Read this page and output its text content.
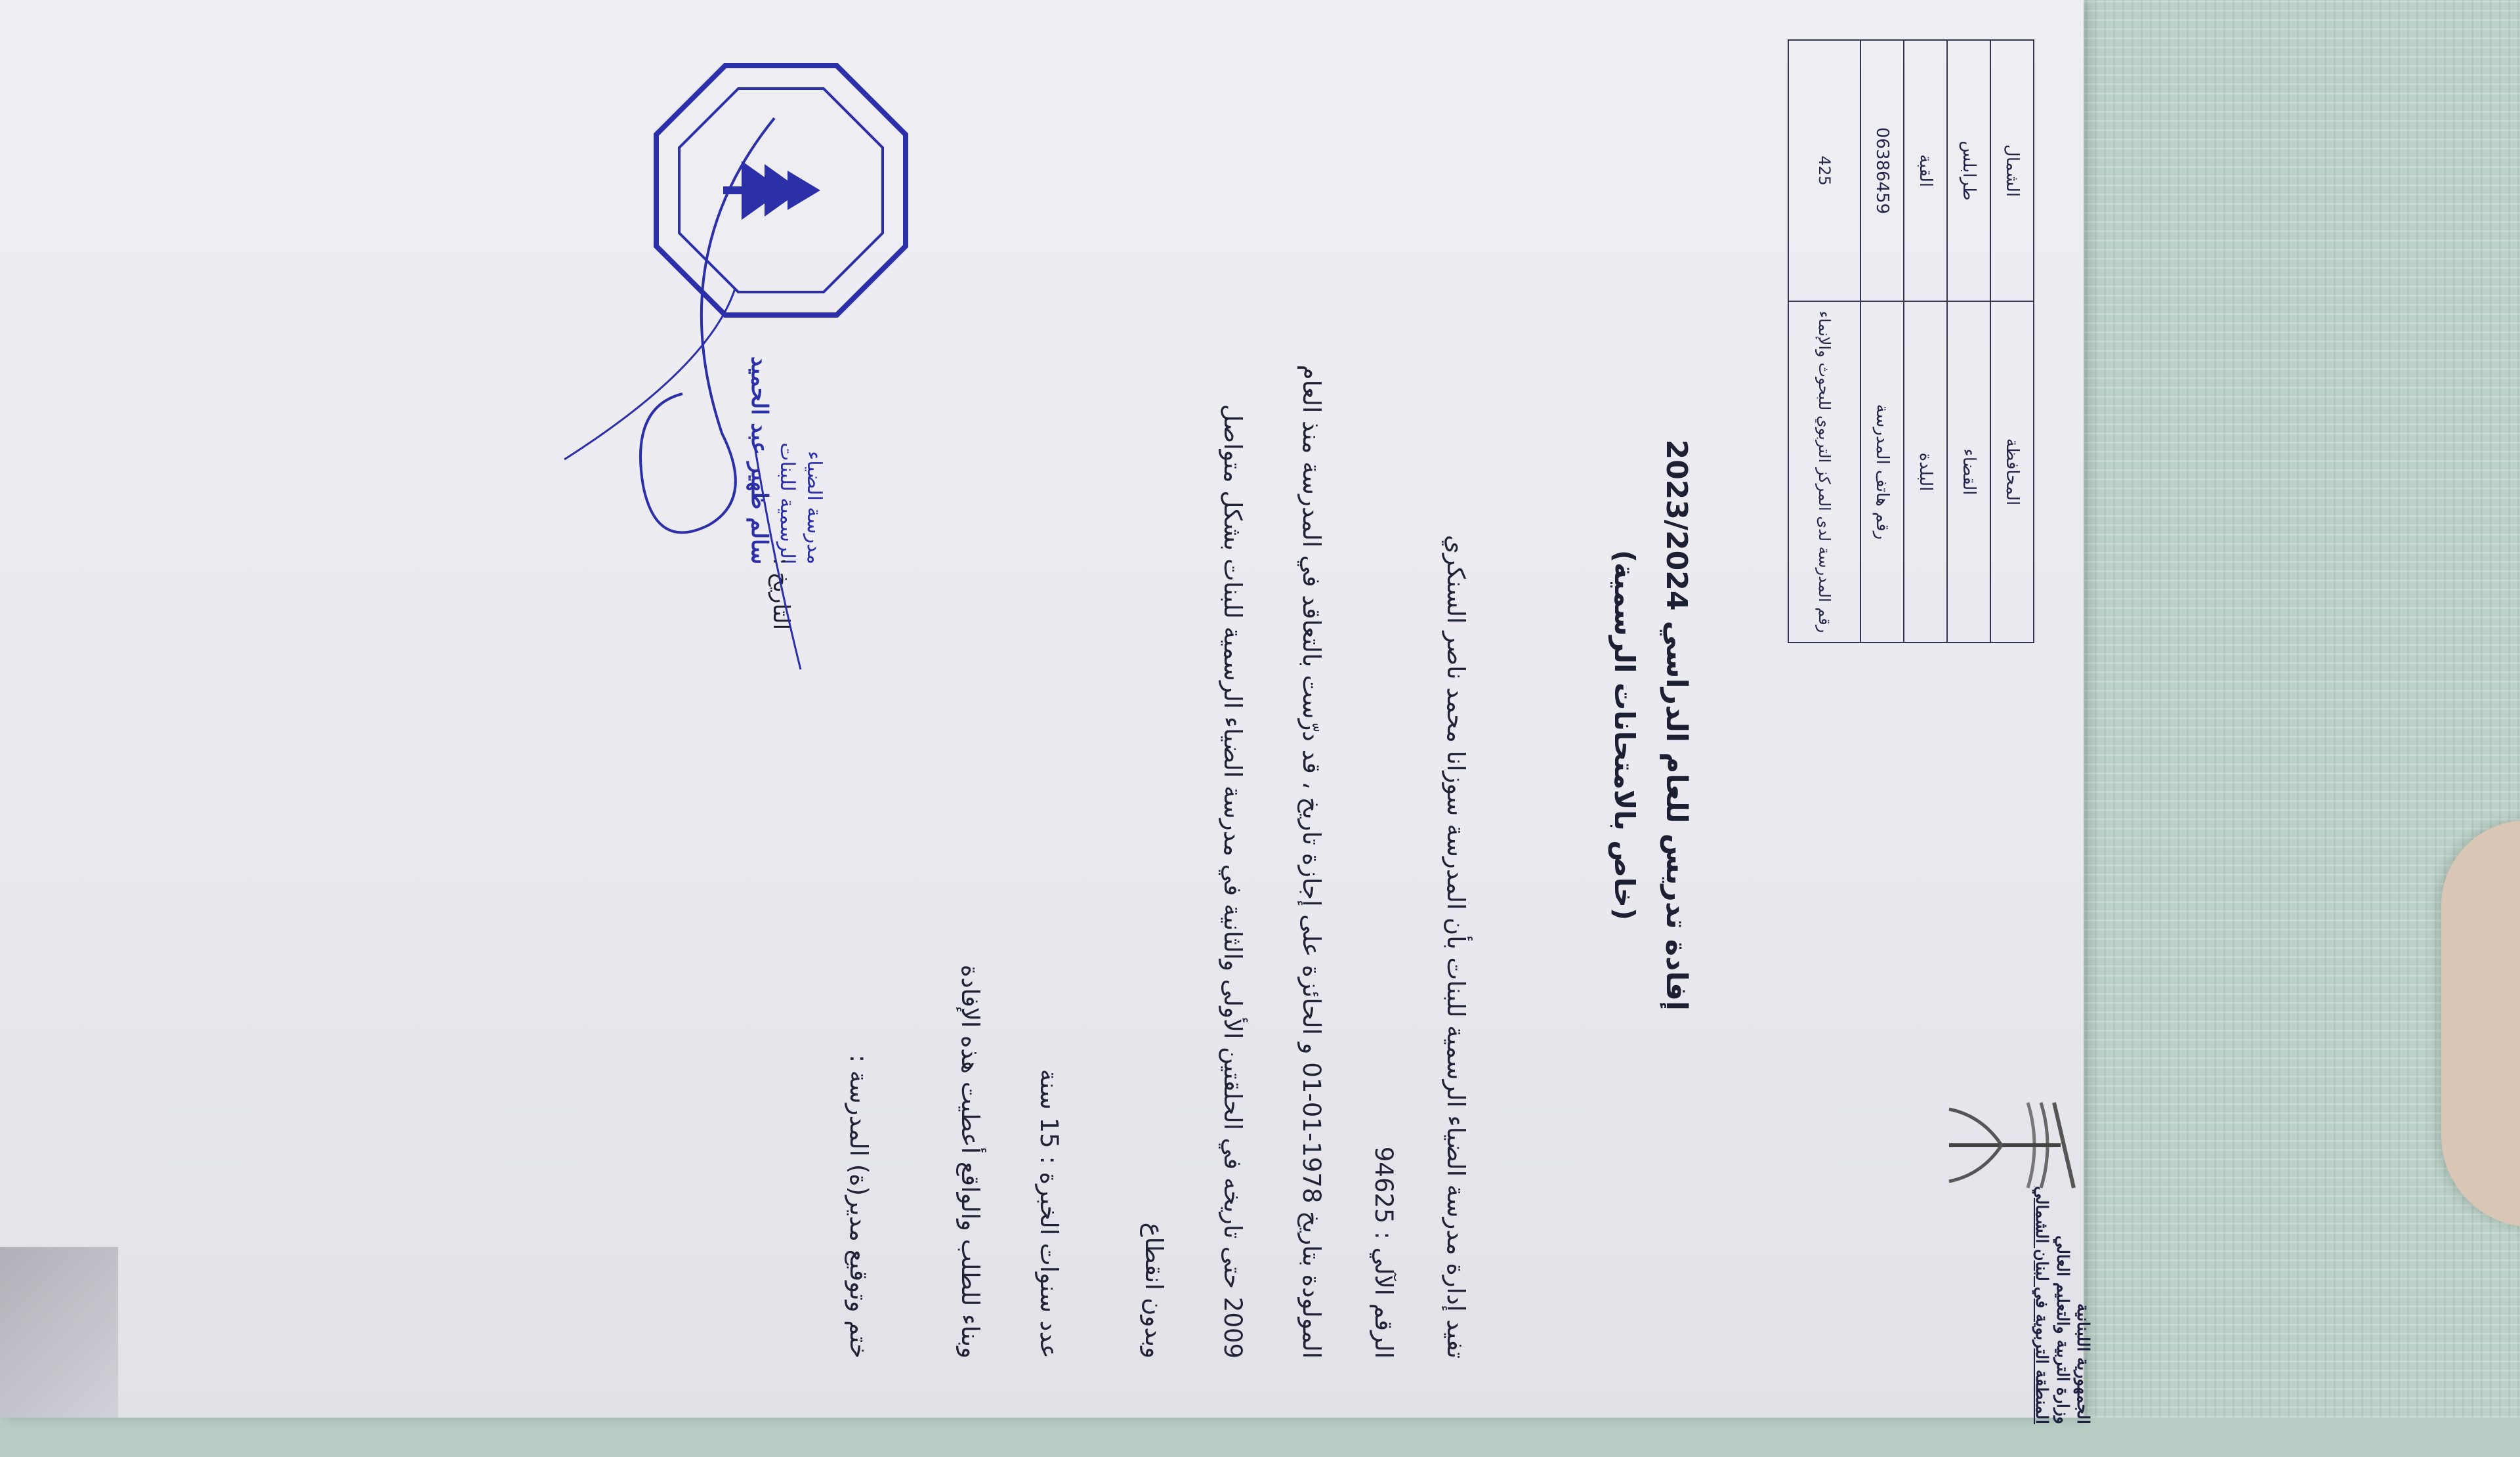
الجمهورية اللبنانية
وزارة التربية والتعليم العالي
المنطقة التربوية في لبنان الشمالي
المحافظة	الشمال
القضاء	طرابلس
البلدة	القبة
رقم هاتف المدرسة	06386459
رقم المدرسة لدى المركز التربوي للبحوث والإنماء	425
إفادة تدريس للعام الدراسي 2023/2024
(خاص بالامتحانات الرسمية)
تفيد إدارة مدرسة الضياء الرسمية للبنات بأن المدرسة سوزانا محمد ناصر السنكري
الرقم الآلي : 94625
المولودة بتاريخ 1978-01-01 و الحائزة على إجازة تاريخ ، قد درّست بالتعاقد في المدرسة منذ العام
2009 حتى تاريخه في الحلقتين الأولى والثانية في مدرسة الضياء الرسمية للبنات بشكل متواصل
وبدون انقطاع
عدد سنوات الخبرة : 15 سنة
وبناء للطلب والواقع أعطيت هذه الإفادة
ختم وتوقيع مدير(ة) المدرسة :
مدرسة الضياء
الرسمية للبنات
سالم ظهير عبد الحميد
التاريخ :
